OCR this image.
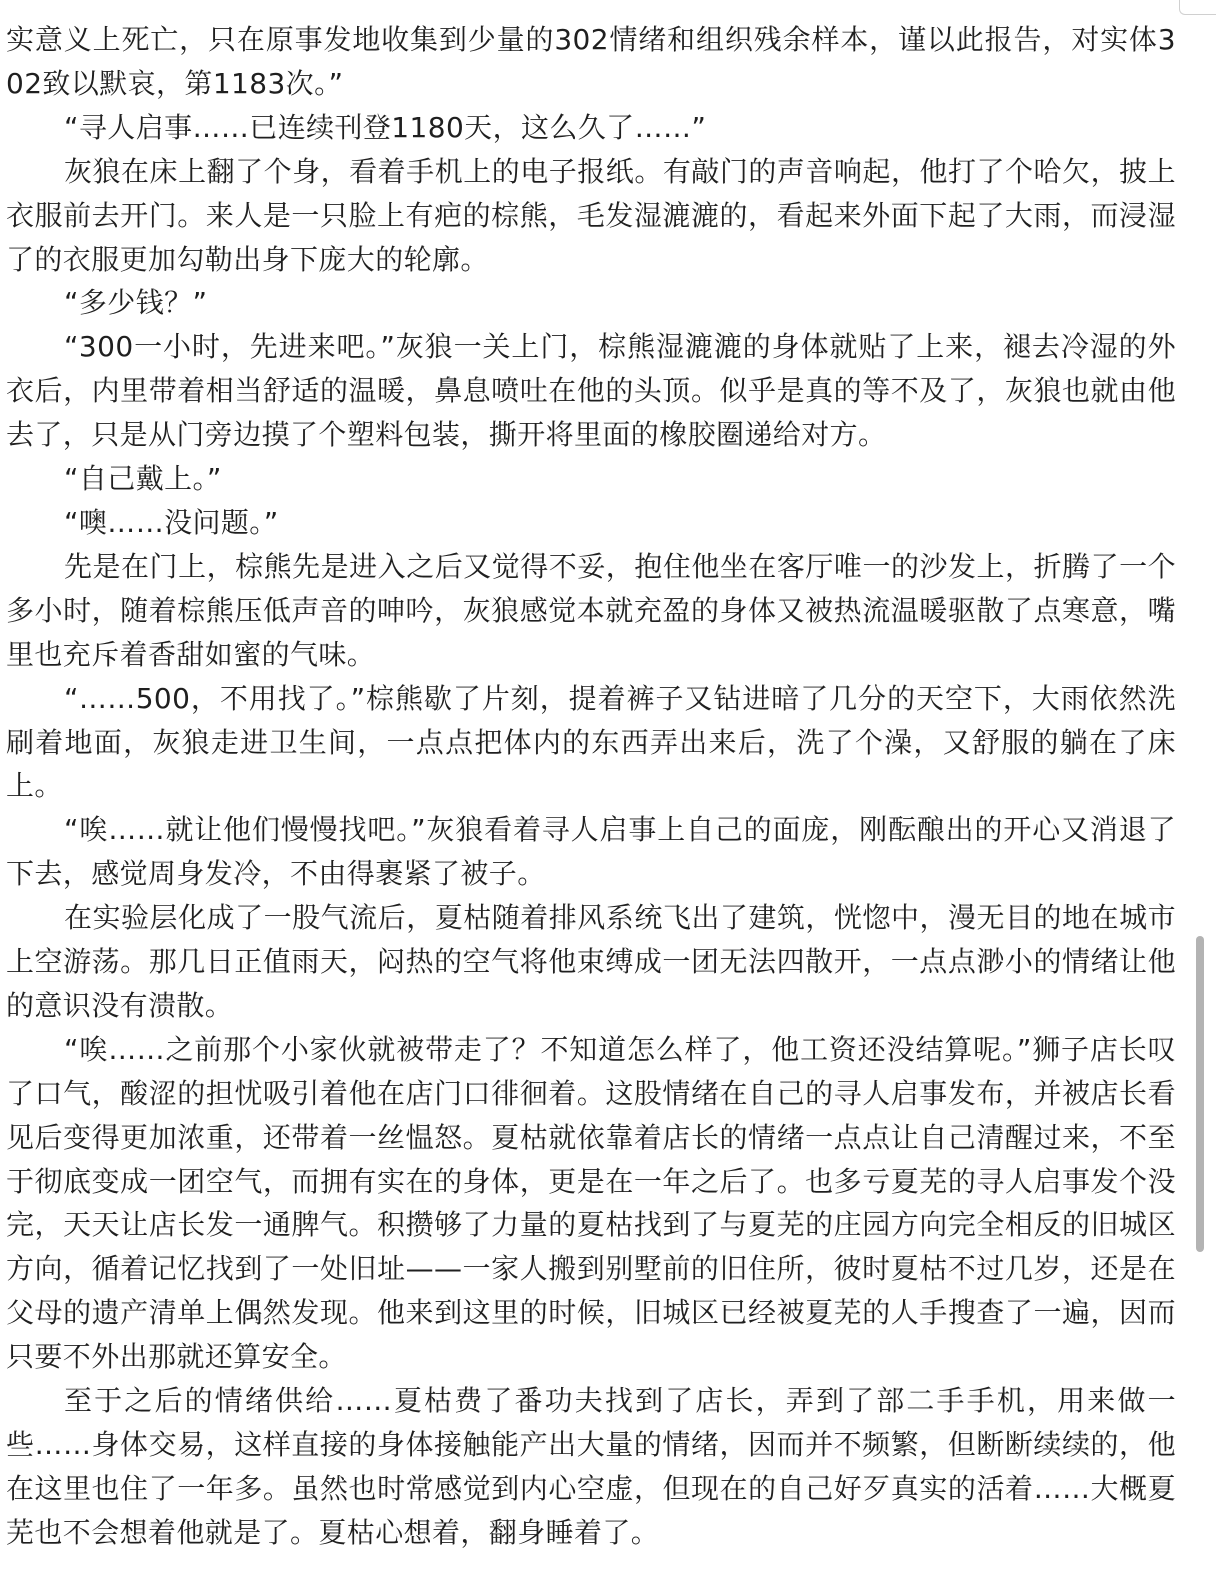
实意义上死亡，只在原事发地收集到少量的302情绪和组织残余样本，谨以此报告，对实体302致以默哀，第1183次。”

“寻人启事……已连续刊登1180天，这么久了……”

灰狼在床上翻了个身，看着手机上的电子报纸。有敲门的声音响起，他打了个哈欠，披上衣服前去开门。来人是一只脸上有疤的棕熊，毛发湿漉漉的，看起来外面下起了大雨，而浸湿了的衣服更加勾勒出身下庞大的轮廓。

“多少钱？”

“300一小时，先进来吧。”灰狼一关上门，棕熊湿漉漉的身体就贴了上来，褪去冷湿的外衣后，内里带着相当舒适的温暖，鼻息喷吐在他的头顶。似乎是真的等不及了，灰狼也就由他去了，只是从门旁边摸了个塑料包装，撕开将里面的橡胶圈递给对方。

“自己戴上。”

“噢……没问题。”

先是在门上，棕熊先是进入之后又觉得不妥，抱住他坐在客厅唯一的沙发上，折腾了一个多小时，随着棕熊压低声音的呻吟，灰狼感觉本就充盈的身体又被热流温暖驱散了点寒意，嘴里也充斥着香甜如蜜的气味。

“……500，不用找了。”棕熊歇了片刻，提着裤子又钻进暗了几分的天空下，大雨依然洗刷着地面，灰狼走进卫生间，一点点把体内的东西弄出来后，洗了个澡，又舒服的躺在了床上。

“唉……就让他们慢慢找吧。”灰狼看着寻人启事上自己的面庞，刚酝酿出的开心又消退了下去，感觉周身发冷，不由得裹紧了被子。

在实验层化成了一股气流后，夏枯随着排风系统飞出了建筑，恍惚中，漫无目的地在城市上空游荡。那几日正值雨天，闷热的空气将他束缚成一团无法四散开，一点点渺小的情绪让他的意识没有溃散。

“唉……之前那个小家伙就被带走了？不知道怎么样了，他工资还没结算呢。”狮子店长叹了口气，酸涩的担忧吸引着他在店门口徘徊着。这股情绪在自己的寻人启事发布，并被店长看见后变得更加浓重，还带着一丝愠怒。夏枯就依靠着店长的情绪一点点让自己清醒过来，不至于彻底变成一团空气，而拥有实在的身体，更是在一年之后了。也多亏夏芜的寻人启事发个没完，天天让店长发一通脾气。积攒够了力量的夏枯找到了与夏芜的庄园方向完全相反的旧城区方向，循着记忆找到了一处旧址——一家人搬到别墅前的旧住所，彼时夏枯不过几岁，还是在父母的遗产清单上偶然发现。他来到这里的时候，旧城区已经被夏芜的人手搜查了一遍，因而只要不外出那就还算安全。

至于之后的情绪供给……夏枯费了番功夫找到了店长，弄到了部二手手机，用来做一些……身体交易，这样直接的身体接触能产出大量的情绪，因而并不频繁，但断断续续的，他在这里也住了一年多。虽然也时常感觉到内心空虚，但现在的自己好歹真实的活着……大概夏芜也不会想着他就是了。夏枯心想着，翻身睡着了。
